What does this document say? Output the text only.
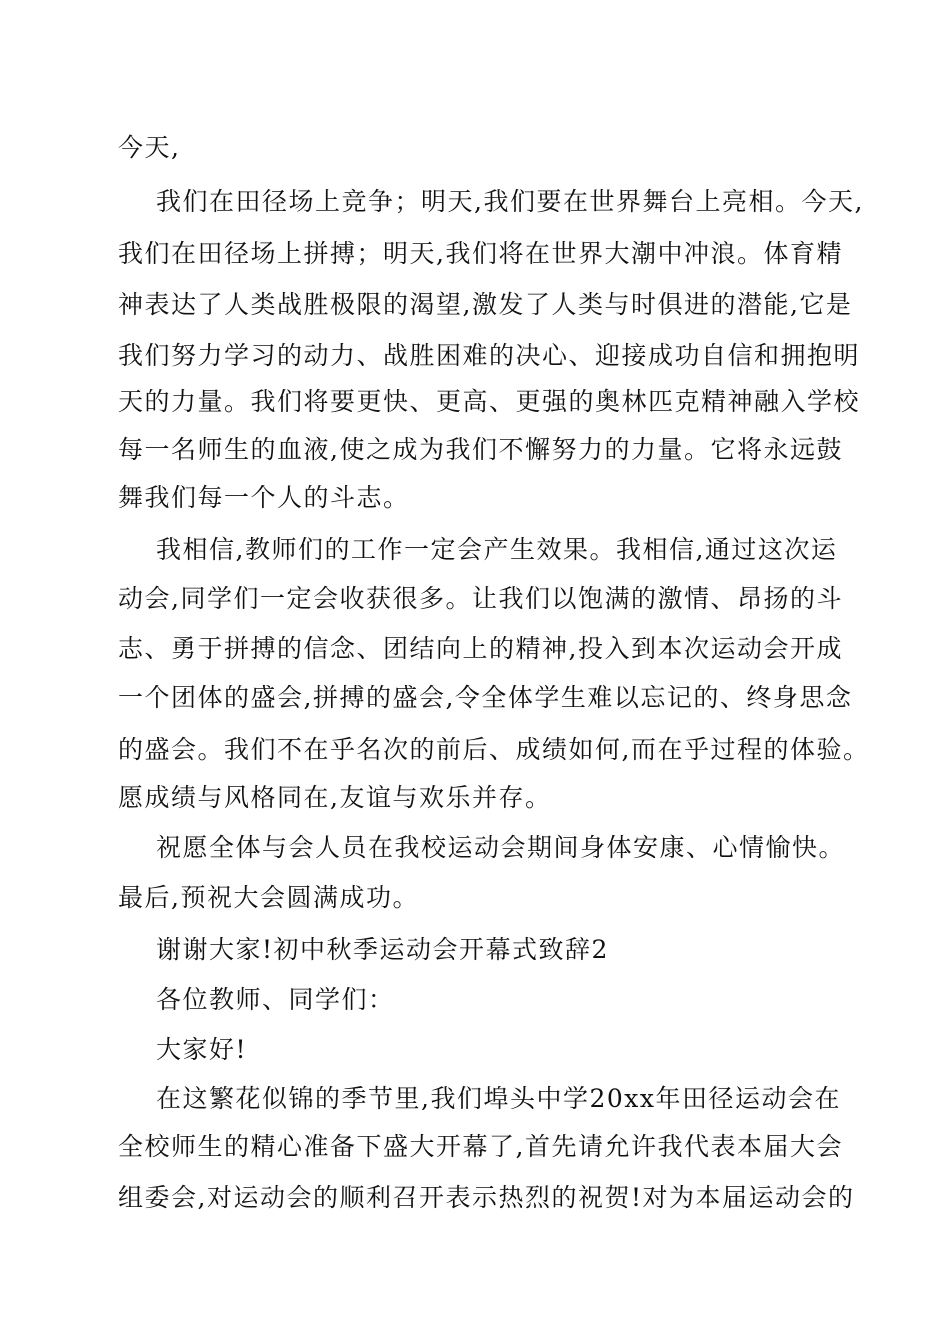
今天,
我们在田径场上竞争；明天,我们要在世界舞台上亮相。今天,
我们在田径场上拼搏；明天,我们将在世界大潮中冲浪。体育精
神表达了人类战胜极限的渴望,激发了人类与时俱进的潜能,它是
我们努力学习的动力、战胜困难的决心、迎接成功自信和拥抱明
天的力量。我们将要更快、更高、更强的奥林匹克精神融入学校
每一名师生的血液,使之成为我们不懈努力的力量。它将永远鼓
舞我们每一个人的斗志。
我相信,教师们的工作一定会产生效果。我相信,通过这次运
动会,同学们一定会收获很多。让我们以饱满的激情、昂扬的斗
志、勇于拼搏的信念、团结向上的精神,投入到本次运动会开成
一个团体的盛会,拼搏的盛会,令全体学生难以忘记的、终身思念
的盛会。我们不在乎名次的前后、成绩如何,而在乎过程的体验。
愿成绩与风格同在,友谊与欢乐并存。
祝愿全体与会人员在我校运动会期间身体安康、心情愉快。
最后,预祝大会圆满成功。
谢谢大家!初中秋季运动会开幕式致辞2
各位教师、同学们：
大家好!
在这繁花似锦的季节里,我们埠头中学20xx年田径运动会在
全校师生的精心准备下盛大开幕了,首先请允许我代表本届大会
组委会,对运动会的顺利召开表示热烈的祝贺!对为本届运动会的
